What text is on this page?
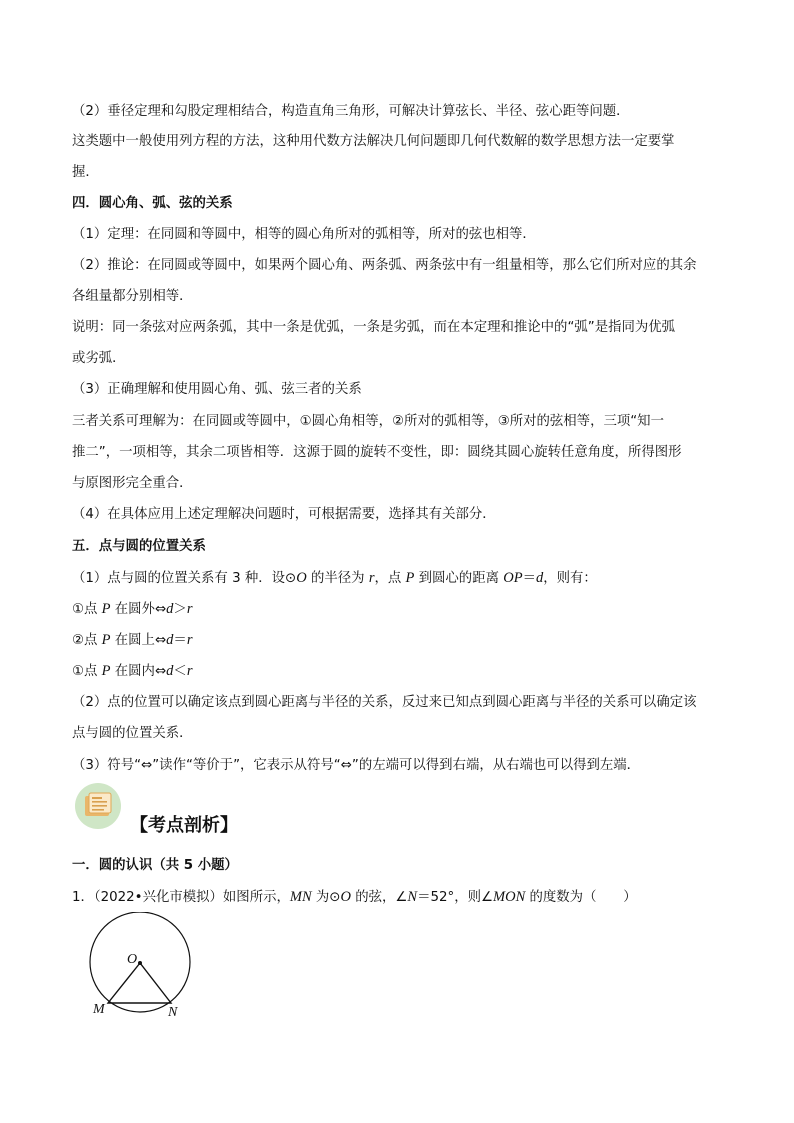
（2）垂径定理和勾股定理相结合，构造直角三角形，可解决计算弦长、半径、弦心距等问题．
这类题中一般使用列方程的方法，这种用代数方法解决几何问题即几何代数解的数学思想方法一定要掌
握．
四．圆心角、弧、弦的关系
（1）定理：在同圆和等圆中，相等的圆心角所对的弧相等，所对的弦也相等．
（2）推论：在同圆或等圆中，如果两个圆心角、两条弧、两条弦中有一组量相等，那么它们所对应的其余
各组量都分别相等．
说明：同一条弦对应两条弧，其中一条是优弧，一条是劣弧，而在本定理和推论中的“弧”是指同为优弧
或劣弧．
（3）正确理解和使用圆心角、弧、弦三者的关系
三者关系可理解为：在同圆或等圆中，①圆心角相等，②所对的弧相等，③所对的弦相等，三项“知一
推二”，一项相等，其余二项皆相等．这源于圆的旋转不变性，即：圆绕其圆心旋转任意角度，所得图形
与原图形完全重合．
（4）在具体应用上述定理解决问题时，可根据需要，选择其有关部分．
五．点与圆的位置关系
（1）点与圆的位置关系有 3 种．设⊙O 的半径为 r，点 P 到圆心的距离 OP＝d，则有：
①点 P 在圆外⇔d＞r
②点 P 在圆上⇔d＝r
①点 P 在圆内⇔d＜r
（2）点的位置可以确定该点到圆心距离与半径的关系，反过来已知点到圆心距离与半径的关系可以确定该
点与圆的位置关系．
（3）符号“⇔”读作“等价于”，它表示从符号“⇔”的左端可以得到右端，从右端也可以得到左端．
【考点剖析】
一．圆的认识（共 5 小题）
1．（2022•兴化市模拟）如图所示，MN 为⊙O 的弦，∠N＝52°，则∠MON 的度数为（　　）
O
M	N
